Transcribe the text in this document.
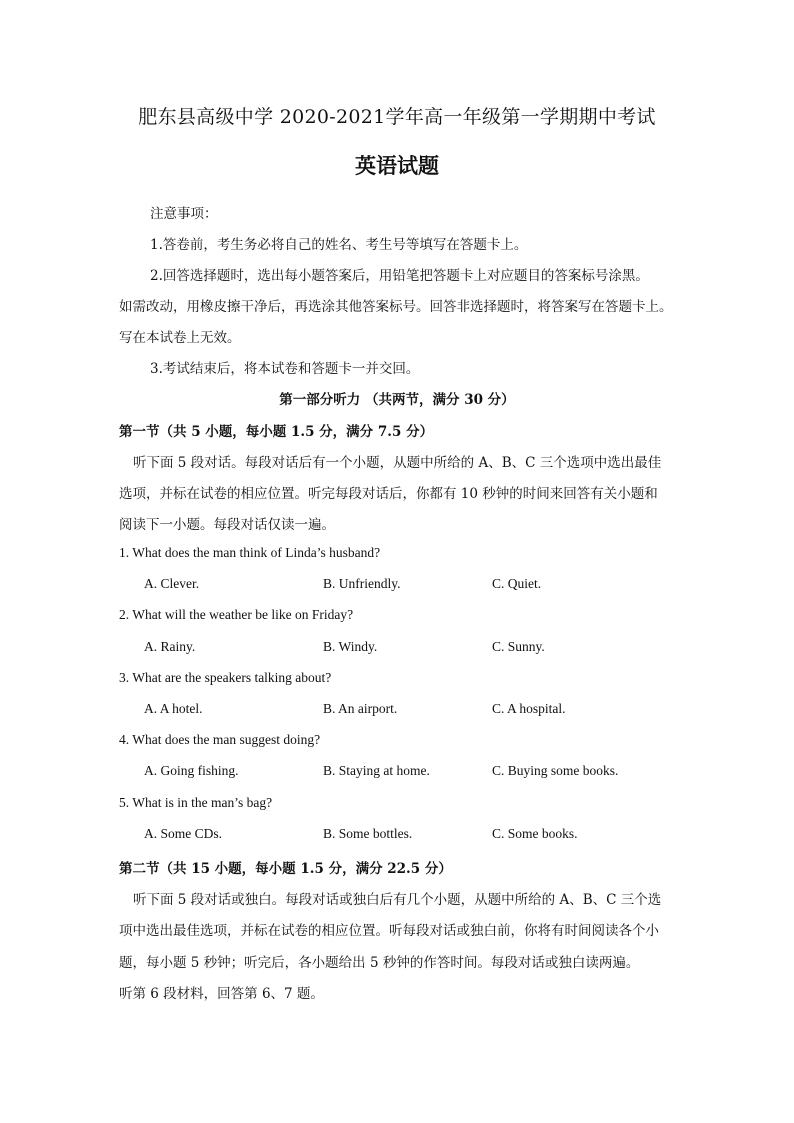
肥东县高级中学 2020-2021学年高一年级第一学期期中考试
英语试题
注意事项：
1.答卷前，考生务必将自己的姓名、考生号等填写在答题卡上。
2.回答选择题时，选出每小题答案后，用铅笔把答题卡上对应题目的答案标号涂黑。
如需改动，用橡皮擦干净后，再选涂其他答案标号。回答非选择题时，将答案写在答题卡上。
写在本试卷上无效。
3.考试结束后，将本试卷和答题卡一并交回。
第一部分听力 （共两节，满分 30 分）
第一节（共 5 小题，每小题 1.5 分，满分 7.5 分）
听下面 5 段对话。每段对话后有一个小题，从题中所给的 A、B、C 三个选项中选出最佳
选项，并标在试卷的相应位置。听完每段对话后，你都有 10 秒钟的时间来回答有关小题和
阅读下一小题。每段对话仅读一遍。
1. What does the man think of Linda’s husband?
A. Clever.	B. Unfriendly.	C. Quiet.
2. What will the weather be like on Friday?
A. Rainy.	B. Windy.	C. Sunny.
3. What are the speakers talking about?
A. A hotel.	B. An airport.	C. A hospital.
4. What does the man suggest doing?
A. Going fishing.	B. Staying at home.	C. Buying some books.
5. What is in the man’s bag?
A. Some CDs.	B. Some bottles.	C. Some books.
第二节（共 15 小题，每小题 1.5 分，满分 22.5 分）
听下面 5 段对话或独白。每段对话或独白后有几个小题，从题中所给的 A、B、C 三个选
项中选出最佳选项，并标在试卷的相应位置。听每段对话或独白前，你将有时间阅读各个小
题，每小题 5 秒钟；听完后，各小题给出 5 秒钟的作答时间。每段对话或独白读两遍。
听第 6 段材料，回答第 6、7 题。
